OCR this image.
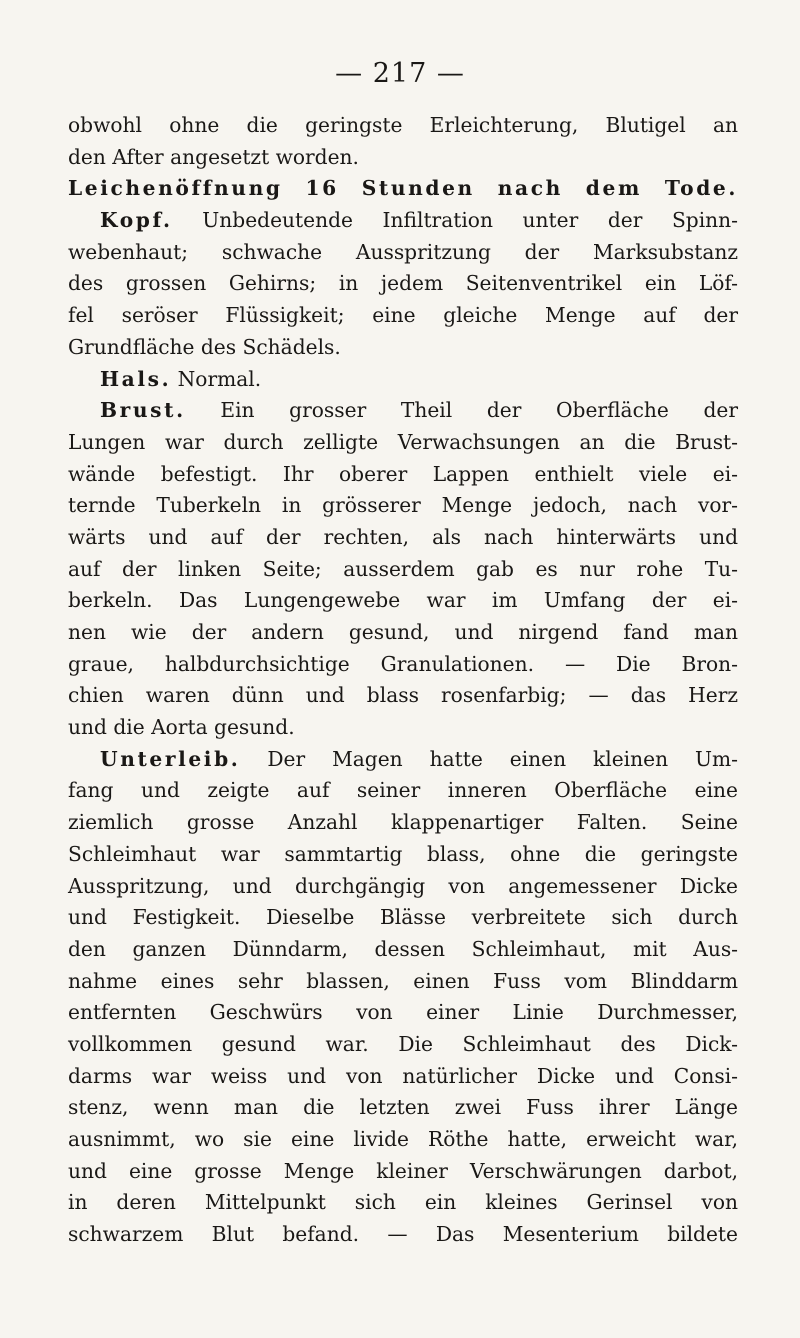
— 217 —
obwohl ohne die geringste Erleichterung, Blutigel an
den After angesetzt worden.
Leichenöffnung 16 Stunden nach dem Tode.
Kopf. Unbedeutende Infiltration unter der Spinn-
webenhaut; schwache Ausspritzung der Marksubstanz
des grossen Gehirns; in jedem Seitenventrikel ein Löf-
fel seröser Flüssigkeit; eine gleiche Menge auf der
Grundfläche des Schädels.
Hals. Normal.
Brust. Ein grosser Theil der Oberfläche der
Lungen war durch zelligte Verwachsungen an die Brust-
wände befestigt. Ihr oberer Lappen enthielt viele ei-
ternde Tuberkeln in grösserer Menge jedoch, nach vor-
wärts und auf der rechten, als nach hinterwärts und
auf der linken Seite; ausserdem gab es nur rohe Tu-
berkeln. Das Lungengewebe war im Umfang der ei-
nen wie der andern gesund, und nirgend fand man
graue, halbdurchsichtige Granulationen. — Die Bron-
chien waren dünn und blass rosenfarbig; — das Herz
und die Aorta gesund.
Unterleib. Der Magen hatte einen kleinen Um-
fang und zeigte auf seiner inneren Oberfläche eine
ziemlich grosse Anzahl klappenartiger Falten. Seine
Schleimhaut war sammtartig blass, ohne die geringste
Ausspritzung, und durchgängig von angemessener Dicke
und Festigkeit. Dieselbe Blässe verbreitete sich durch
den ganzen Dünndarm, dessen Schleimhaut, mit Aus-
nahme eines sehr blassen, einen Fuss vom Blinddarm
entfernten Geschwürs von einer Linie Durchmesser,
vollkommen gesund war. Die Schleimhaut des Dick-
darms war weiss und von natürlicher Dicke und Consi-
stenz, wenn man die letzten zwei Fuss ihrer Länge
ausnimmt, wo sie eine livide Röthe hatte, erweicht war,
und eine grosse Menge kleiner Verschwärungen darbot,
in deren Mittelpunkt sich ein kleines Gerinsel von
schwarzem Blut befand. — Das Mesenterium bildete
